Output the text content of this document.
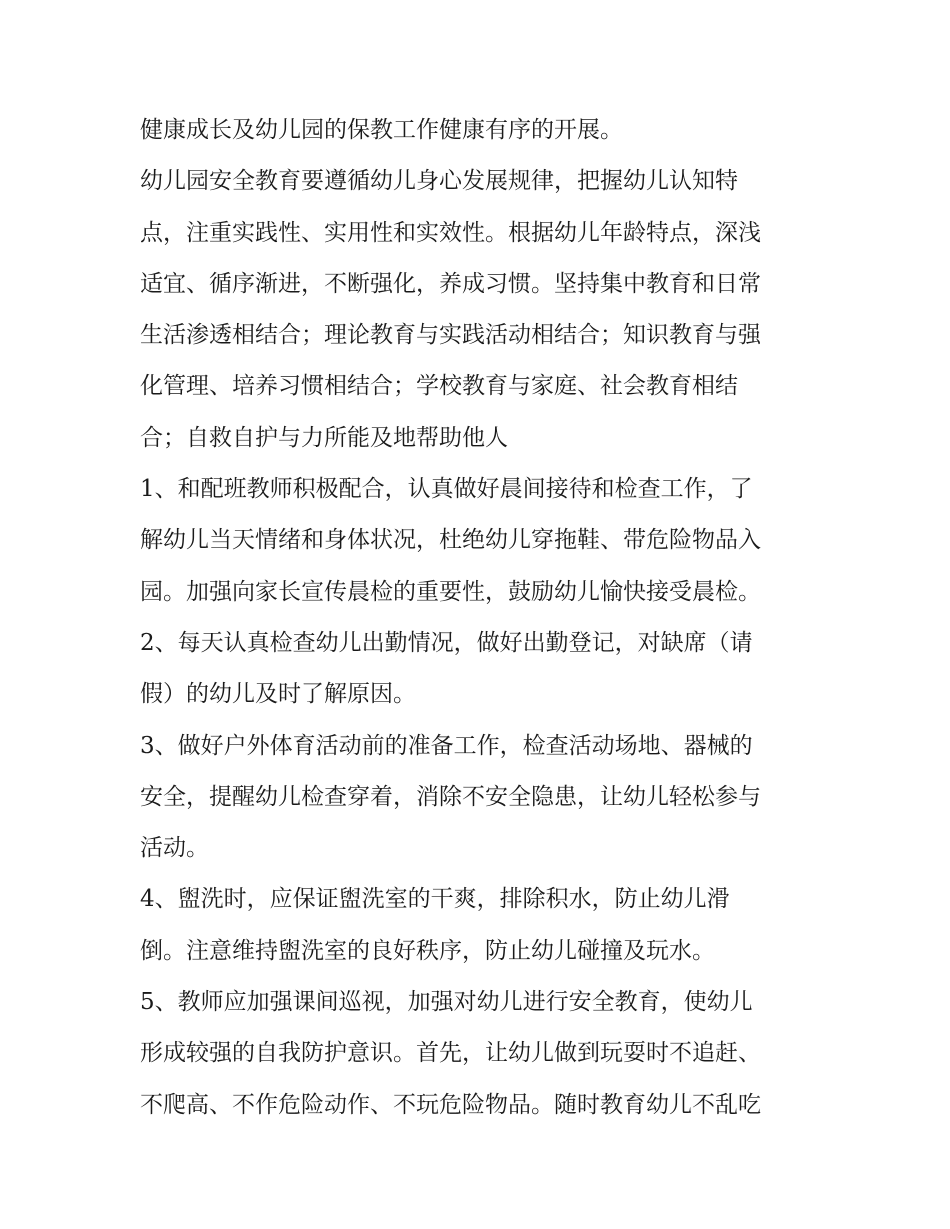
健康成长及幼儿园的保教工作健康有序的开展。
幼儿园安全教育要遵循幼儿身心发展规律，把握幼儿认知特
点，注重实践性、实用性和实效性。根据幼儿年龄特点，深浅
适宜、循序渐进，不断强化，养成习惯。坚持集中教育和日常
生活渗透相结合；理论教育与实践活动相结合；知识教育与强
化管理、培养习惯相结合；学校教育与家庭、社会教育相结
合；自救自护与力所能及地帮助他人
1、和配班教师积极配合，认真做好晨间接待和检查工作，了
解幼儿当天情绪和身体状况，杜绝幼儿穿拖鞋、带危险物品入
园。加强向家长宣传晨检的重要性，鼓励幼儿愉快接受晨检。
2、每天认真检查幼儿出勤情况，做好出勤登记，对缺席（请
假）的幼儿及时了解原因。
3、做好户外体育活动前的准备工作，检查活动场地、器械的
安全，提醒幼儿检查穿着，消除不安全隐患，让幼儿轻松参与
活动。
4、盥洗时，应保证盥洗室的干爽，排除积水，防止幼儿滑
倒。注意维持盥洗室的良好秩序，防止幼儿碰撞及玩水。
5、教师应加强课间巡视，加强对幼儿进行安全教育，使幼儿
形成较强的自我防护意识。首先，让幼儿做到玩耍时不追赶、
不爬高、不作危险动作、不玩危险物品。随时教育幼儿不乱吃
